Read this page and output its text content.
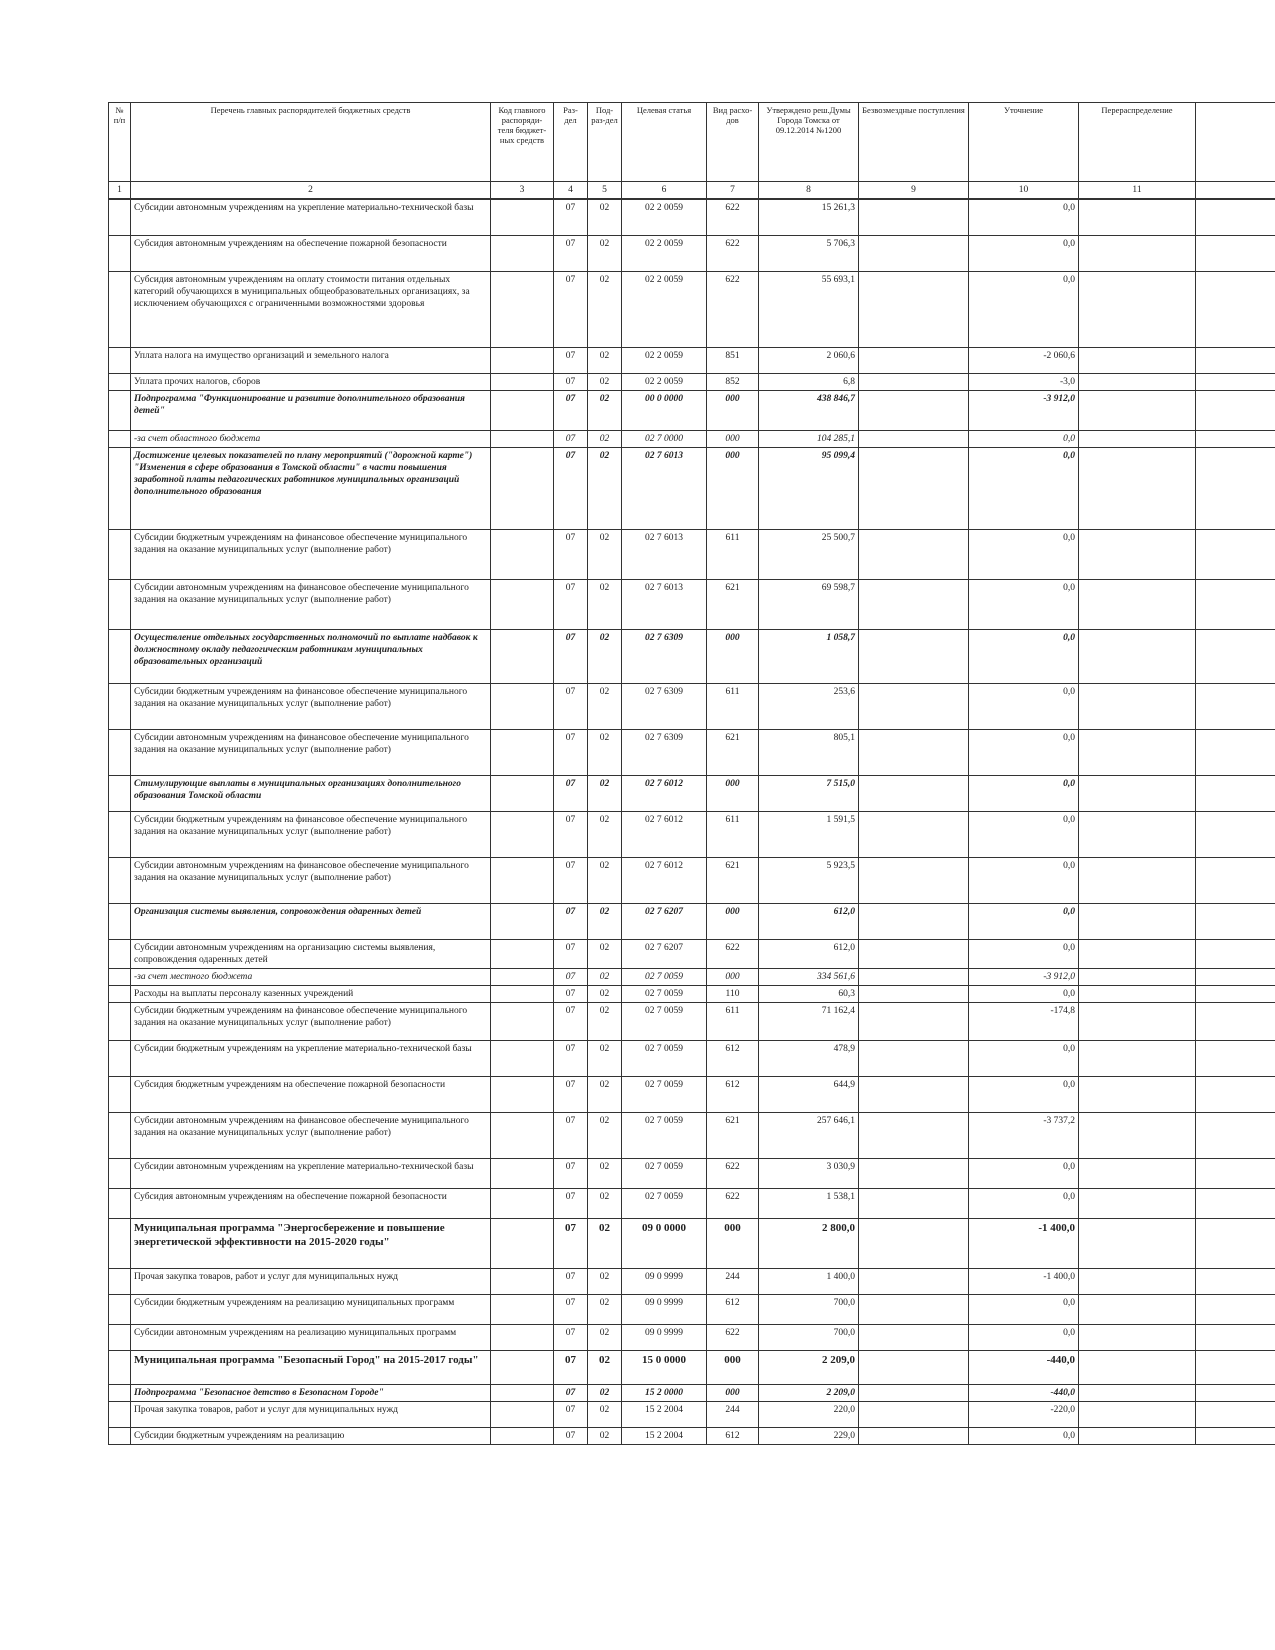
№ п/п	Перечень главных распорядителей бюджетных средств	Код главного распоряди-теля бюджет-ных средств	Раз-дел	Под-раз-дел	Целевая статья	Вид расхо-дов	Утверждено реш.Думы Города Томска от 09.12.2014 №1200	Безвозмездные поступления	Уточнение	Перераспределение	
1	2	3	4	5	6	7	8	9	10	11	
	Субсидии автономным учреждениям на укрепление материально-технической базы		07	02	02 2 0059	622	15 261,3		0,0		
	Субсидия автономным учреждениям на обеспечение пожарной безопасности		07	02	02 2 0059	622	5 706,3		0,0		
	Субсидия автономным учреждениям на оплату стоимости питания отдельных категорий обучающихся в муниципальных общеобразовательных организациях, за исключением обучающихся с ограниченными возможностями здоровья		07	02	02 2 0059	622	55 693,1		0,0		
	Уплата налога на имущество организаций и земельного налога		07	02	02 2 0059	851	2 060,6		-2 060,6		
	Уплата прочих налогов, сборов		07	02	02 2 0059	852	6,8		-3,0		
	Подпрограмма "Функционирование и развитие дополнительного образования детей"		07	02	00 0 0000	000	438 846,7		-3 912,0		
	-за счет областного бюджета		07	02	02 7 0000	000	104 285,1		0,0		
	Достижение целевых показателей по плану мероприятий ("дорожной карте") "Изменения в сфере образования в Томской области" в части повышения заработной платы педагогических работников муниципальных организаций дополнительного образования		07	02	02 7 6013	000	95 099,4		0,0		
	Субсидии бюджетным учреждениям на финансовое обеспечение муниципального задания на оказание муниципальных услуг (выполнение работ)		07	02	02 7 6013	611	25 500,7		0,0		
	Субсидии автономным учреждениям на финансовое обеспечение муниципального задания на оказание муниципальных услуг (выполнение работ)		07	02	02 7 6013	621	69 598,7		0,0		
	Осуществление отдельных государственных полномочий по выплате надбавок к должностному окладу педагогическим работникам муниципальных образовательных организаций		07	02	02 7 6309	000	1 058,7		0,0		
	Субсидии бюджетным учреждениям на финансовое обеспечение муниципального задания на оказание муниципальных услуг (выполнение работ)		07	02	02 7 6309	611	253,6		0,0		
	Субсидии автономным учреждениям на финансовое обеспечение муниципального задания на оказание муниципальных услуг (выполнение работ)		07	02	02 7 6309	621	805,1		0,0		
	Стимулирующие выплаты в муниципальных организациях дополнительного образования Томской области		07	02	02 7 6012	000	7 515,0		0,0		
	Субсидии бюджетным учреждениям на финансовое обеспечение муниципального задания на оказание муниципальных услуг (выполнение работ)		07	02	02 7 6012	611	1 591,5		0,0		
	Субсидии автономным учреждениям на финансовое обеспечение муниципального задания на оказание муниципальных услуг (выполнение работ)		07	02	02 7 6012	621	5 923,5		0,0		
	Организация системы выявления, сопровождения одаренных детей		07	02	02 7 6207	000	612,0		0,0		
	Субсидии автономным учреждениям на организацию системы выявления, сопровождения одаренных детей		07	02	02 7 6207	622	612,0		0,0		
	-за счет местного бюджета		07	02	02 7 0059	000	334 561,6		-3 912,0		
	Расходы на выплаты персоналу казенных учреждений		07	02	02 7 0059	110	60,3		0,0		
	Субсидии бюджетным учреждениям на финансовое обеспечение муниципального задания на оказание муниципальных услуг (выполнение работ)		07	02	02 7 0059	611	71 162,4		-174,8		
	Субсидии бюджетным учреждениям на укрепление материально-технической базы		07	02	02 7 0059	612	478,9		0,0		
	Субсидия бюджетным учреждениям на обеспечение пожарной безопасности		07	02	02 7 0059	612	644,9		0,0		
	Субсидии автономным учреждениям на финансовое обеспечение муниципального задания на оказание муниципальных услуг (выполнение работ)		07	02	02 7 0059	621	257 646,1		-3 737,2		
	Субсидии автономным учреждениям на укрепление материально-технической базы		07	02	02 7 0059	622	3 030,9		0,0		
	Субсидия автономным учреждениям на обеспечение пожарной безопасности		07	02	02 7 0059	622	1 538,1		0,0		
	Муниципальная программа "Энергосбережение и повышение энергетической эффективности на 2015-2020 годы"		07	02	09 0 0000	000	2 800,0		-1 400,0		
	Прочая закупка товаров, работ и услуг для муниципальных нужд		07	02	09 0 9999	244	1 400,0		-1 400,0		
	Субсидии бюджетным учреждениям на реализацию муниципальных программ		07	02	09 0 9999	612	700,0		0,0		
	Субсидии автономным учреждениям на реализацию муниципальных программ		07	02	09 0 9999	622	700,0		0,0		
	Муниципальная программа "Безопасный Город" на 2015-2017 годы"		07	02	15 0 0000	000	2 209,0		-440,0		
	Подпрограмма "Безопасное детство в Безопасном Городе"		07	02	15 2 0000	000	2 209,0		-440,0		
	Прочая закупка товаров, работ и услуг для муниципальных нужд		07	02	15 2 2004	244	220,0		-220,0		
	Субсидии бюджетным учреждениям на реализацию		07	02	15 2 2004	612	229,0		0,0		
